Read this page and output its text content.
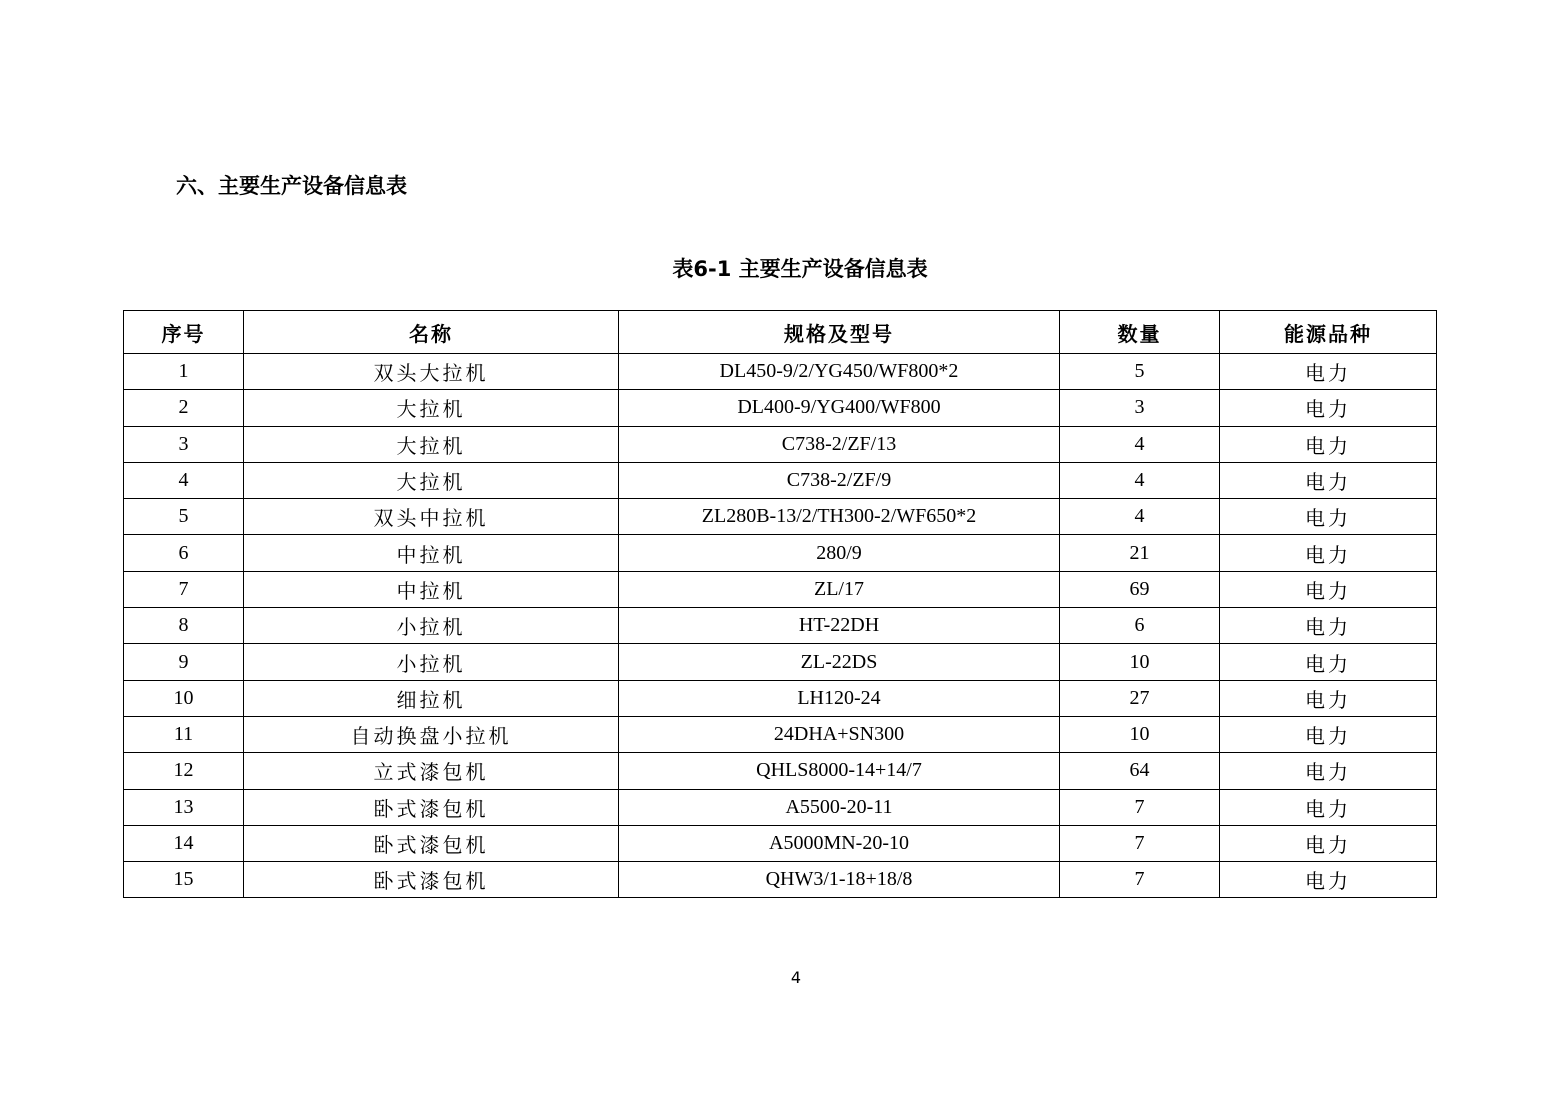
六、主要生产设备信息表
表6-1 主要生产设备信息表
序号	名称	规格及型号	数量	能源品种
1	双头大拉机	DL450-9/2/YG450/WF800*2	5	电力
2	大拉机	DL400-9/YG400/WF800	3	电力
3	大拉机	C738-2/ZF/13	4	电力
4	大拉机	C738-2/ZF/9	4	电力
5	双头中拉机	ZL280B-13/2/TH300-2/WF650*2	4	电力
6	中拉机	280/9	21	电力
7	中拉机	ZL/17	69	电力
8	小拉机	HT-22DH	6	电力
9	小拉机	ZL-22DS	10	电力
10	细拉机	LH120-24	27	电力
11	自动换盘小拉机	24DHA+SN300	10	电力
12	立式漆包机	QHLS8000-14+14/7	64	电力
13	卧式漆包机	A5500-20-11	7	电力
14	卧式漆包机	A5000MN-20-10	7	电力
15	卧式漆包机	QHW3/1-18+18/8	7	电力
4
